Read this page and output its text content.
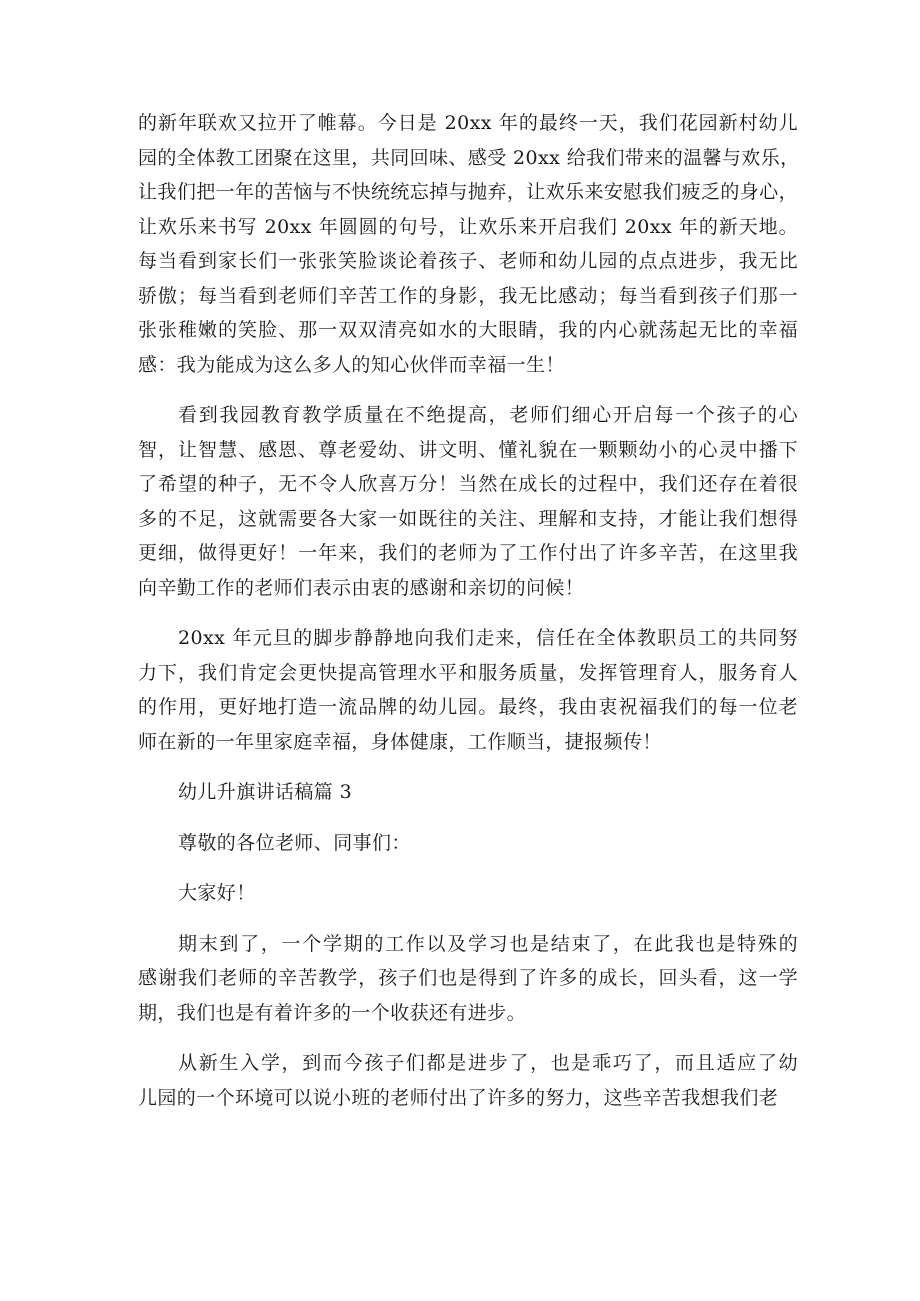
的新年联欢又拉开了帷幕。今日是 20xx 年的最终一天，我们花园新村幼儿
园的全体教工团聚在这里，共同回味、感受 20xx 给我们带来的温馨与欢乐，
让我们把一年的苦恼与不快统统忘掉与抛弃，让欢乐来安慰我们疲乏的身心，
让欢乐来书写 20xx 年圆圆的句号，让欢乐来开启我们 20xx 年的新天地。
每当看到家长们一张张笑脸谈论着孩子、老师和幼儿园的点点进步，我无比
骄傲；每当看到老师们辛苦工作的身影，我无比感动；每当看到孩子们那一
张张稚嫩的笑脸、那一双双清亮如水的大眼睛，我的内心就荡起无比的幸福
感：我为能成为这么多人的知心伙伴而幸福一生！
看到我园教育教学质量在不绝提高，老师们细心开启每一个孩子的心
智，让智慧、感恩、尊老爱幼、讲文明、懂礼貌在一颗颗幼小的心灵中播下
了希望的种子，无不令人欣喜万分！当然在成长的过程中，我们还存在着很
多的不足，这就需要各大家一如既往的关注、理解和支持，才能让我们想得
更细，做得更好！一年来，我们的老师为了工作付出了许多辛苦，在这里我
向辛勤工作的老师们表示由衷的感谢和亲切的问候！
20xx 年元旦的脚步静静地向我们走来，信任在全体教职员工的共同努
力下，我们肯定会更快提高管理水平和服务质量，发挥管理育人，服务育人
的作用，更好地打造一流品牌的幼儿园。最终，我由衷祝福我们的每一位老
师在新的一年里家庭幸福，身体健康，工作顺当，捷报频传！
幼儿升旗讲话稿篇 3
尊敬的各位老师、同事们：
大家好！
期末到了，一个学期的工作以及学习也是结束了，在此我也是特殊的
感谢我们老师的辛苦教学，孩子们也是得到了许多的成长，回头看，这一学
期，我们也是有着许多的一个收获还有进步。
从新生入学，到而今孩子们都是进步了，也是乖巧了，而且适应了幼
儿园的一个环境可以说小班的老师付出了许多的努力，这些辛苦我想我们老
